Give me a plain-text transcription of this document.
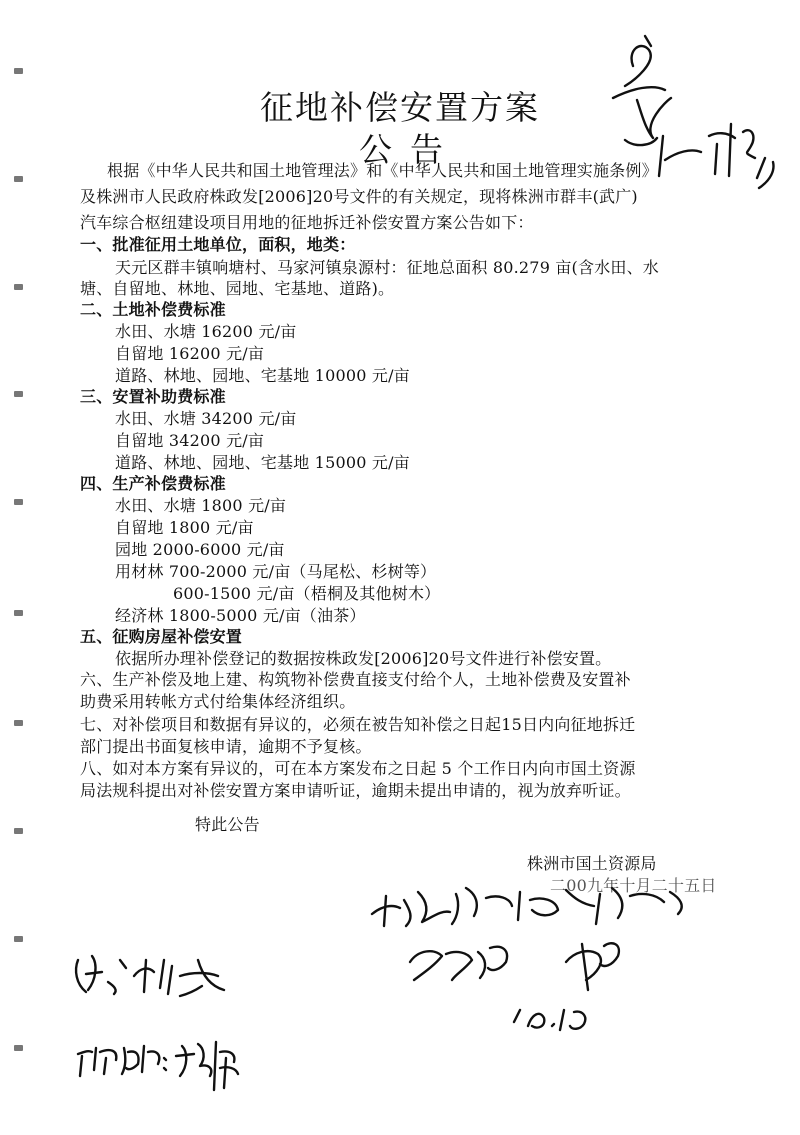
征地补偿安置方案
公告
根据《中华人民共和国土地管理法》和《中华人民共和国土地管理实施条例》
及株洲市人民政府株政发[2006]20号文件的有关规定，现将株洲市群丰(武广)
汽车综合枢纽建设项目用地的征地拆迁补偿安置方案公告如下：
一、批准征用土地单位，面积，地类：
天元区群丰镇响塘村、马家河镇泉源村：征地总面积 80.279 亩(含水田、水
塘、自留地、林地、园地、宅基地、道路)。
二、土地补偿费标准
水田、水塘 16200 元/亩
自留地 16200 元/亩
道路、林地、园地、宅基地 10000 元/亩
三、安置补助费标准
水田、水塘 34200 元/亩
自留地 34200 元/亩
道路、林地、园地、宅基地 15000 元/亩
四、生产补偿费标准
水田、水塘 1800 元/亩
自留地 1800 元/亩
园地 2000-6000 元/亩
用材林 700-2000 元/亩（马尾松、杉树等）
600-1500 元/亩（梧桐及其他树木）
经济林 1800-5000 元/亩（油茶）
五、征购房屋补偿安置
依据所办理补偿登记的数据按株政发[2006]20号文件进行补偿安置。
六、生产补偿及地上建、构筑物补偿费直接支付给个人，土地补偿费及安置补
助费采用转帐方式付给集体经济组织。
七、对补偿项目和数据有异议的，必须在被告知补偿之日起15日内向征地拆迁
部门提出书面复核申请，逾期不予复核。
八、如对本方案有异议的，可在本方案发布之日起 5 个工作日内向市国土资源
局法规科提出对补偿安置方案申请听证，逾期未提出申请的，视为放弃听证。
特此公告
株洲市国土资源局
二00九年十月二十五日
